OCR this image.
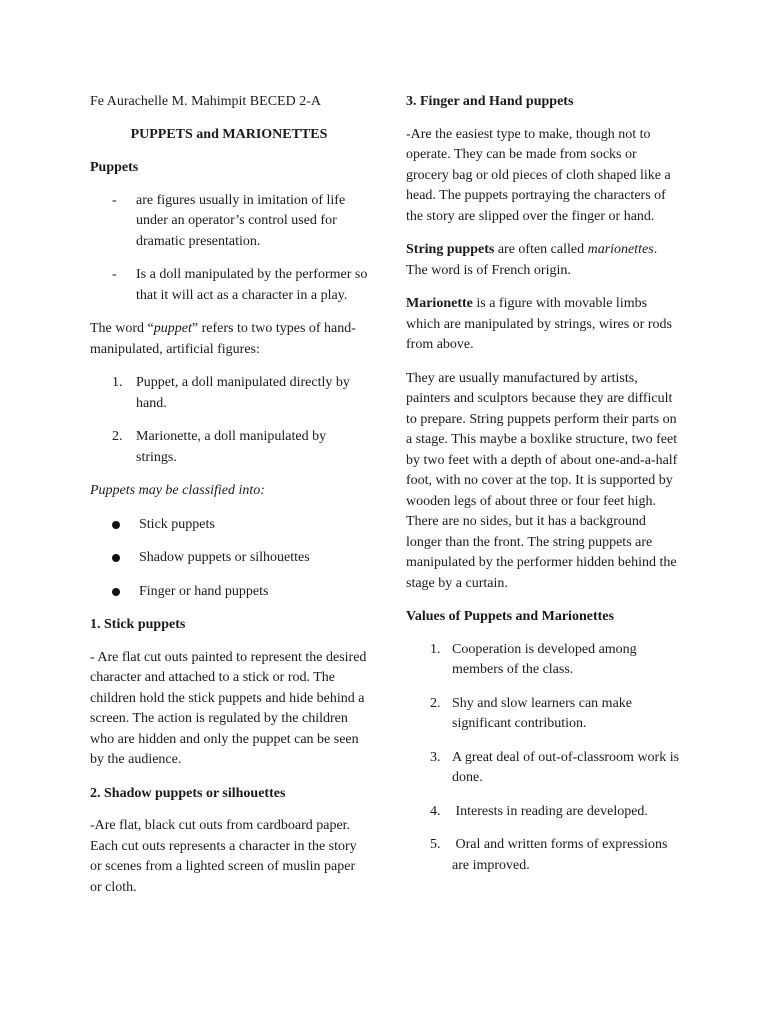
Fe Aurachelle M. Mahimpit BECED 2-A

PUPPETS and MARIONETTES

Puppets

-	are figures usually in imitation of life under an operator’s control used for dramatic presentation.
-	Is a doll manipulated by the performer so that it will act as a character in a play.

The word “puppet” refers to two types of hand-manipulated, artificial figures:

1. Puppet, a doll manipulated directly by hand.
2. Marionette, a doll manipulated by strings.

Puppets may be classified into:

Stick puppets
Shadow puppets or silhouettes
Finger or hand puppets

1. Stick puppets

- Are flat cut outs painted to represent the desired character and attached to a stick or rod. The children hold the stick puppets and hide behind a screen. The action is regulated by the children who are hidden and only the puppet can be seen by the audience.

2. Shadow puppets or silhouettes

-Are flat, black cut outs from cardboard paper. Each cut outs represents a character in the story or scenes from a lighted screen of muslin paper or cloth.

3. Finger and Hand puppets

-Are the easiest type to make, though not to operate. They can be made from socks or grocery bag or old pieces of cloth shaped like a head. The puppets portraying the characters of the story are slipped over the finger or hand.

String puppets are often called marionettes. The word is of French origin.

Marionette is a figure with movable limbs which are manipulated by strings, wires or rods from above.

They are usually manufactured by artists, painters and sculptors because they are difficult to prepare. String puppets perform their parts on a stage. This maybe a boxlike structure, two feet by two feet with a depth of about one-and-a-half foot, with no cover at the top. It is supported by wooden legs of about three or four feet high. There are no sides, but it has a background longer than the front. The string puppets are manipulated by the performer hidden behind the stage by a curtain.

Values of Puppets and Marionettes

1. Cooperation is developed among members of the class.
2. Shy and slow learners can make significant contribution.
3. A great deal of out-of-classroom work is done.
4. Interests in reading are developed.
5. Oral and written forms of expressions are improved.
